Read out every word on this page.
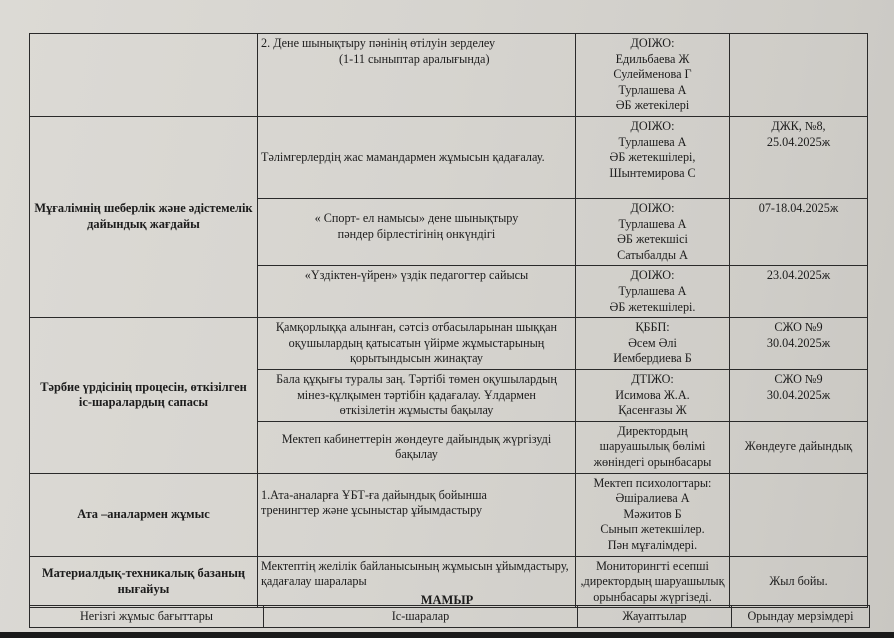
	2. Дене шынықтыру пәнінің өтілуін зерделеу
(1-11 сыныптар аралығында)	ДОІЖО:
Едильбаева Ж
Сулейменова Г
Турлашева А
ӘБ жетекілері	

Мұғалімнің шеберлік және әдістемелік дайындық жағдайы	Тәлімгерлердің жас мамандармен жұмысын қадағалау.	ДОІЖО:
Турлашева А
ӘБ жетекшілері,
Шынтемирова С	ДЖК, №8,
25.04.2025ж

	« Спорт- ел намысы» дене шынықтыру
пәндер бірлестігінің онкүндігі	ДОІЖО:
Турлашева А
ӘБ жетекшісі
Сатыбалды А	07-18.04.2025ж

	«Үздіктен-үйрен» үздік педагогтер сайысы	ДОІЖО:
Турлашева А
ӘБ жетекшілері.	23.04.2025ж

Тәрбие үрдісінің процесін, өткізілген іс-шаралардың сапасы	Қамқорлыққа алынған, сәтсіз отбасыларынан шыққан
оқушылардың қатысатын үйірме жұмыстарының
қорытындысын жинақтау	ҚББП:
Әсем Әлі
Иембердиева Б	СЖО №9
30.04.2025ж

	Бала құқығы туралы заң. Тәртібі төмен оқушылардың
мінез-құлқымен тәртібін қадағалау. Ұлдармен
өткізілетін жұмысты бақылау	ДТІЖО:
Исимова Ж.А.
Қасенғазы Ж	СЖО №9
30.04.2025ж

	Мектеп кабинеттерін жөндеуге дайындық жүргізуді
бақылау	Директордың
шаруашылық бөлімі
жөніндегі орынбасары	Жөндеуге дайындық

Ата –аналармен жұмыс	1.Ата-аналарға ҰБТ-ға дайындық бойынша
тренингтер және ұсыныстар ұйымдастыру	Мектеп психологтары:
Әшіралиева А
Мәжитов Б
Сынып жетекшілер.
Пән мұғалімдері.	

Материалдық-техникалық базаның нығайуы	Мектептің желілік байланысының жұмысын ұйымдастыру,
қадағалау шаралары	Мониторингті есепші
,директордың шаруашылық
орынбасары жүргізеді.	Жыл бойы.
МАМЫР
Негізгі жұмыс бағыттары	Іс-шаралар	Жауаптылар	Орындау мерзімдері
